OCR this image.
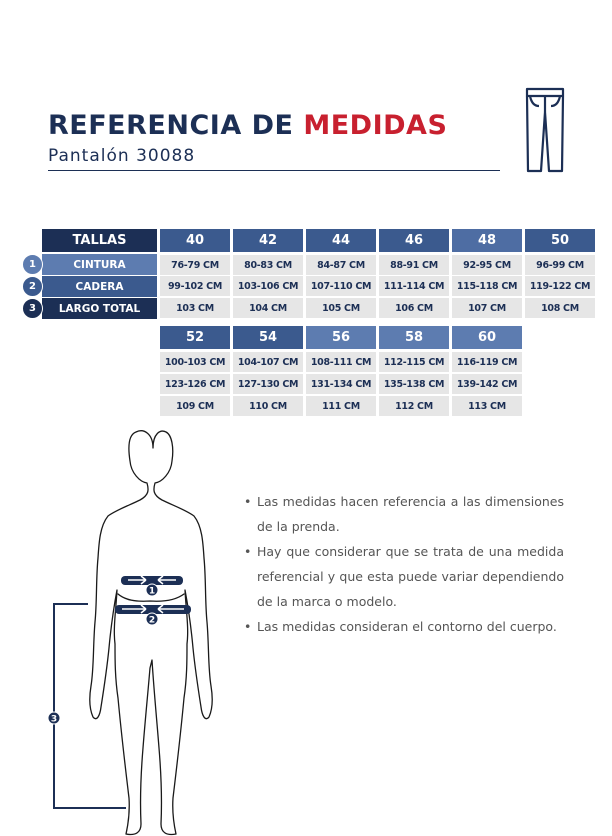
REFERENCIA DE MEDIDAS
Pantalón 30088
TALLAS
CINTURA
CADERA
LARGO TOTAL
1
2
3
40
76-79 CM
99-102 CM
103 CM
42
80-83 CM
103-106 CM
104 CM
44
84-87 CM
107-110 CM
105 CM
46
88-91 CM
111-114 CM
106 CM
48
92-95 CM
115-118 CM
107 CM
50
96-99 CM
119-122 CM
108 CM
52
100-103 CM
123-126 CM
109 CM
54
104-107 CM
127-130 CM
110 CM
56
108-111 CM
131-134 CM
111 CM
58
112-115 CM
135-138 CM
112 CM
60
116-119 CM
139-142 CM
113 CM
1
2
3

• Las medidas hacen referencia a las dimensiones de la prenda.

• Hay que considerar que se trata de una medida referencial y que esta puede variar dependiendo de la marca o modelo.

• Las medidas consideran el contorno del cuerpo.
